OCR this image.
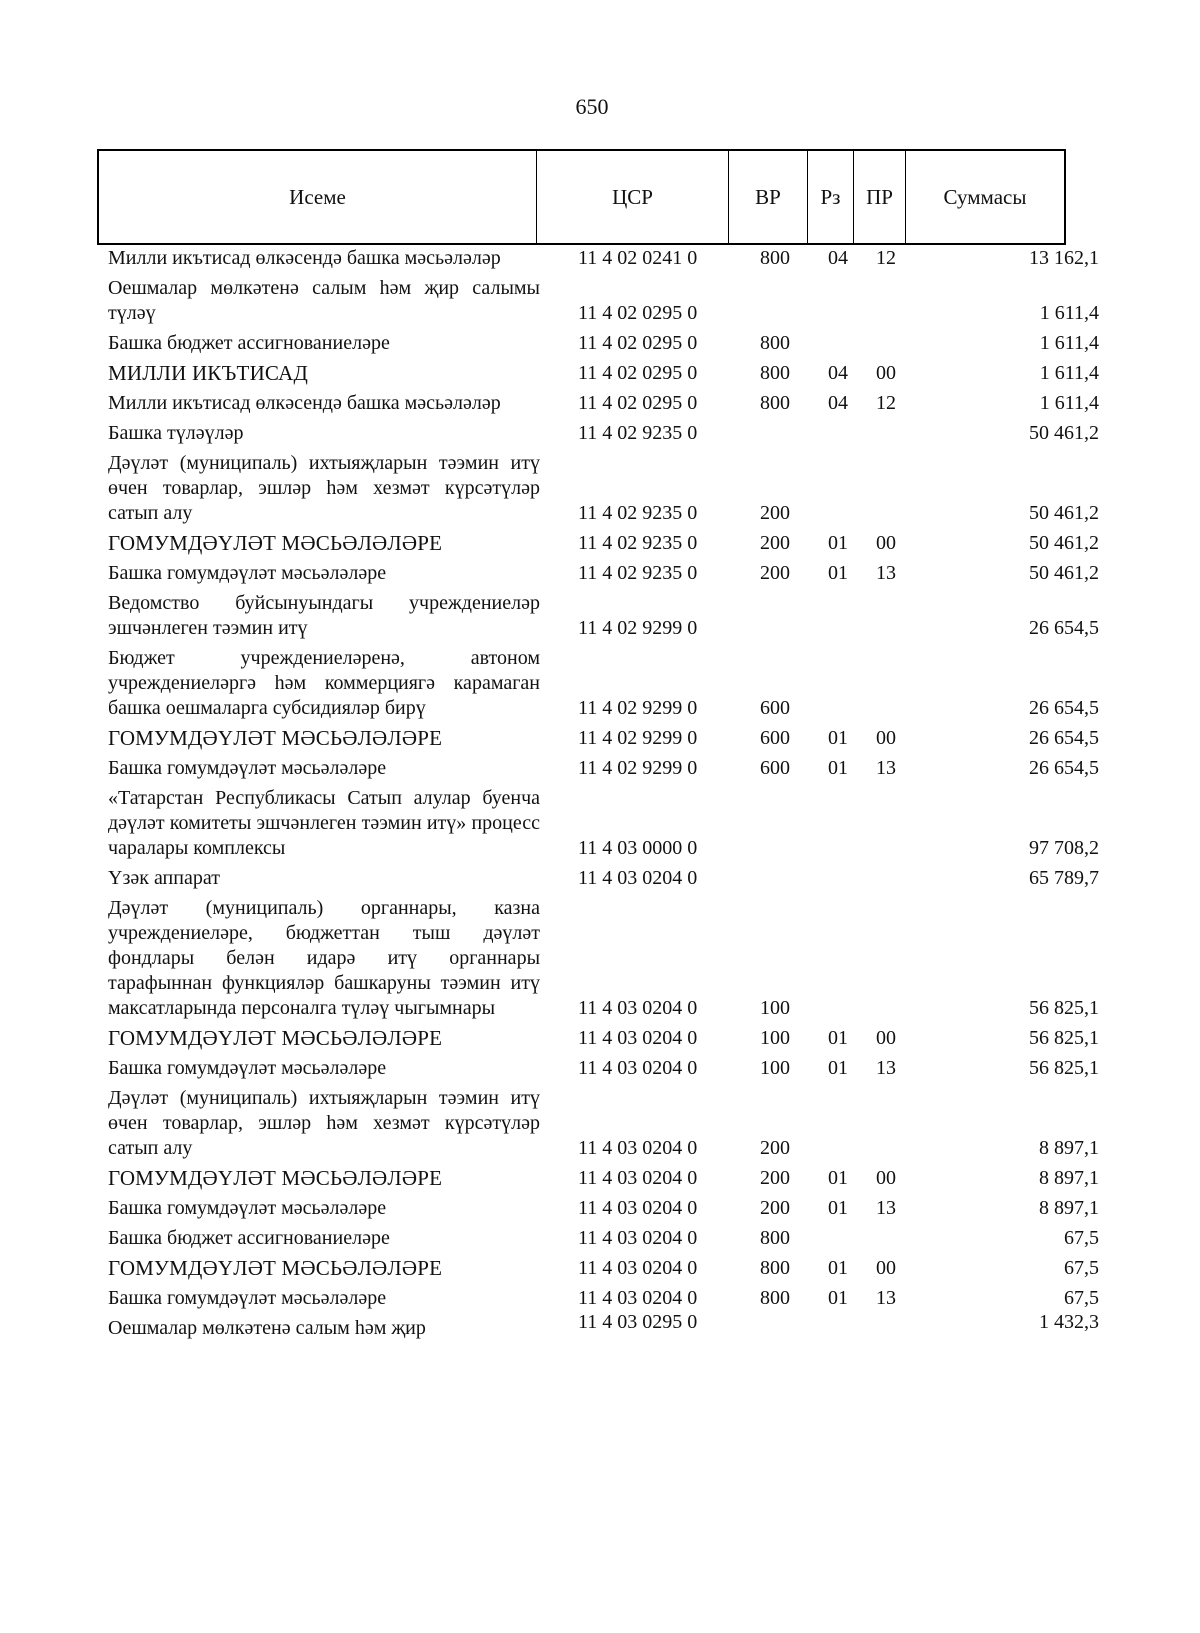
650
Исеме	ЦСР	ВР	Рз	ПР	Суммасы
Милли икътисад өлкәсендә башка мәсьәләләр	11 4 02 0241 0	800 04 12	13 162,1
Оешмалар мөлкәтенә салым һәм җир салымы түләү	11 4 02 0295 0	1 611,4
Башка бюджет ассигнованиеләре	11 4 02 0295 0	800	1 611,4
МИЛЛИ ИКЪТИСАД	11 4 02 0295 0	800 04 00	1 611,4
Милли икътисад өлкәсендә башка мәсьәләләр	11 4 02 0295 0	800 04 12	1 611,4
Башка түләүләр	11 4 02 9235 0	50 461,2
Дәүләт (муниципаль) ихтыяҗларын тәэмин итү өчен товарлар, эшләр һәм хезмәт күрсәтүләр сатып алу	11 4 02 9235 0	200	50 461,2
ГОМУМДӘҮЛӘТ МӘСЬӘЛӘЛӘРЕ	11 4 02 9235 0	200 01 00	50 461,2
Башка гомумдәүләт мәсьәләләре	11 4 02 9235 0	200 01 13	50 461,2
Ведомство буйсынуындагы учреждениеләр эшчәнлеген тәэмин итү	11 4 02 9299 0	26 654,5
Бюджет учреждениеләренә, автоном учреждениеләргә һәм коммерциягә карамаган башка оешмаларга субсидияләр бирү	11 4 02 9299 0	600	26 654,5
ГОМУМДӘҮЛӘТ МӘСЬӘЛӘЛӘРЕ	11 4 02 9299 0	600 01 00	26 654,5
Башка гомумдәүләт мәсьәләләре	11 4 02 9299 0	600 01 13	26 654,5
«Татарстан Республикасы Сатып алулар буенча дәүләт комитеты эшчәнлеген тәэмин итү» процесс чаралары комплексы	11 4 03 0000 0	97 708,2
Үзәк аппарат	11 4 03 0204 0	65 789,7
Дәүләт (муниципаль) органнары, казна учреждениеләре, бюджеттан тыш дәүләт фондлары белән идарә итү органнары тарафыннан функцияләр башкаруны тәэмин итү максатларында персоналга түләү чыгымнары	11 4 03 0204 0	100	56 825,1
ГОМУМДӘҮЛӘТ МӘСЬӘЛӘЛӘРЕ	11 4 03 0204 0	100 01 00	56 825,1
Башка гомумдәүләт мәсьәләләре	11 4 03 0204 0	100 01 13	56 825,1
Дәүләт (муниципаль) ихтыяҗларын тәэмин итү өчен товарлар, эшләр һәм хезмәт күрсәтүләр сатып алу	11 4 03 0204 0	200	8 897,1
ГОМУМДӘҮЛӘТ МӘСЬӘЛӘЛӘРЕ	11 4 03 0204 0	200 01 00	8 897,1
Башка гомумдәүләт мәсьәләләре	11 4 03 0204 0	200 01 13	8 897,1
Башка бюджет ассигнованиеләре	11 4 03 0204 0	800	67,5
ГОМУМДӘҮЛӘТ МӘСЬӘЛӘЛӘРЕ	11 4 03 0204 0	800 01 00	67,5
Башка гомумдәүләт мәсьәләләре	11 4 03 0204 0	800 01 13	67,5
Оешмалар мөлкәтенә салым һәм җир	11 4 03 0295 0	1 432,3
